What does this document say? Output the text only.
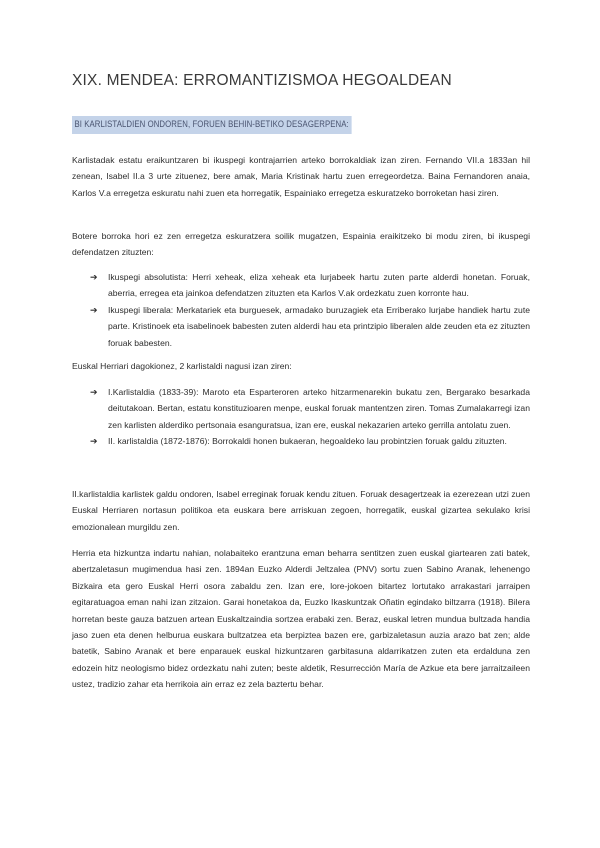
XIX. MENDEA: ERROMANTIZISMOA HEGOALDEAN
BI KARLISTALDIEN ONDOREN, FORUEN BEHIN-BETIKO DESAGERPENA:

Karlistadak estatu eraikuntzaren bi ikuspegi kontrajarrien arteko borrokaldiak izan ziren. Fernando VII.a 1833an hil zenean, Isabel II.a 3 urte zituenez, bere amak, Maria Kristinak hartu zuen erregeordetza. Baina Fernandoren anaia, Karlos V.a erregetza eskuratu nahi zuen eta horregatik, Espainiako erregetza eskuratzeko borroketan hasi ziren.

Botere borroka hori ez zen erregetza eskuratzera soilik mugatzen, Espainia eraikitzeko bi modu ziren, bi ikuspegi defendatzen zituzten:

➔ Ikuspegi absolutista: Herri xeheak, eliza xeheak eta lurjabeek hartu zuten parte alderdi honetan. Foruak, aberria, erregea eta jainkoa defendatzen zituzten eta Karlos V.ak ordezkatu zuen korronte hau.
➔ Ikuspegi liberala: Merkatariek eta burguesek, armadako buruzagiek eta Erriberako lurjabe handiek hartu zute parte. Kristinoek eta isabelinoek babesten zuten alderdi hau eta printzipio liberalen alde zeuden eta ez zituzten foruak babesten.

Euskal Herriari dagokionez, 2 karlistaldi nagusi izan ziren:

➔ I.Karlistaldia (1833-39): Maroto eta Esparteroren arteko hitzarmenarekin bukatu zen, Bergarako besarkada deitutakoan. Bertan, estatu konstituzioaren menpe, euskal foruak mantentzen ziren. Tomas Zumalakarregi izan zen karlisten alderdiko pertsonaia esanguratsua, izan ere, euskal nekazarien arteko gerrilla antolatu zuen.
➔ II. karlistaldia (1872-1876): Borrokaldi honen bukaeran, hegoaldeko lau probintzien foruak galdu zituzten.

II.karlistaldia karlistek galdu ondoren, Isabel erreginak foruak kendu zituen. Foruak desagertzeak ia ezerezean utzi zuen Euskal Herriaren nortasun politikoa eta euskara bere arriskuan zegoen, horregatik, euskal gizartea sekulako krisi emozionalean murgildu zen.

Herria eta hizkuntza indartu nahian, nolabaiteko erantzuna eman beharra sentitzen zuen euskal giartearen zati batek, abertzaletasun mugimendua hasi zen. 1894an Euzko Alderdi Jeltzalea (PNV) sortu zuen Sabino Aranak, lehenengo Bizkaira eta gero Euskal Herri osora zabaldu zen. Izan ere, lore-jokoen bitartez lortutako arrakastari jarraipen egitaratuagoa eman nahi izan zitzaion. Garai honetakoa da, Euzko Ikaskuntzak Oñatin egindako biltzarra (1918). Bilera horretan beste gauza batzuen artean Euskaltzaindia sortzea erabaki zen. Beraz, euskal letren mundua bultzada handia jaso zuen eta denen helburua euskara bultzatzea eta berpiztea bazen ere, garbizaletasun auzia arazo bat zen; alde batetik, Sabino Aranak et bere enparauek euskal hizkuntzaren garbitasuna aldarrikatzen zuten eta erdalduna zen edozein hitz neologismo bidez ordezkatu nahi zuten; beste aldetik, Resurrección María de Azkue eta bere jarraitzaileen ustez, tradizio zahar eta herrikoia ain erraz ez zela baztertu behar.
